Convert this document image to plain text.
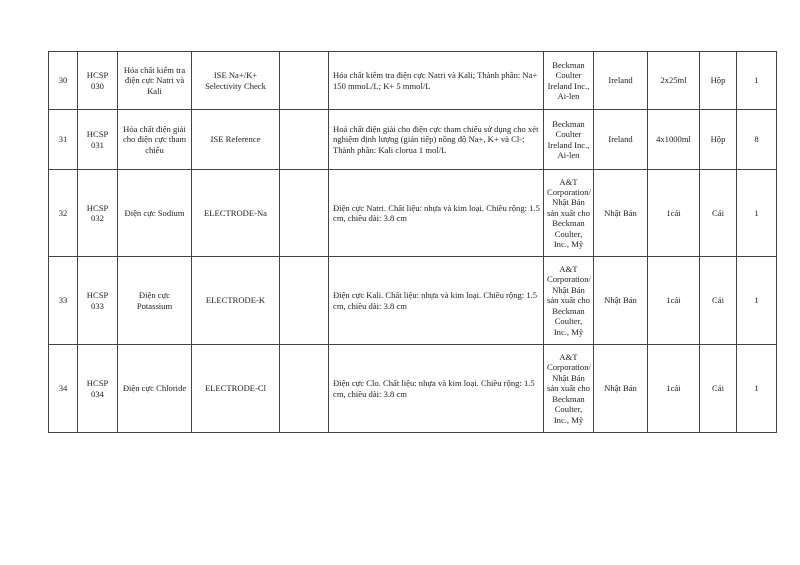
30	HCSP 030	Hóa chất kiểm tra điện cực Natri và Kali	ISE Na+/K+ Selectivity Check		Hóa chất kiểm tra điện cực Natri và Kali; Thành phần: Na+ 150 mmoL/L; K+ 5 mmol/L	Beckman Coulter Ireland Inc., Ai-len	Ireland	2x25ml	Hộp	1
31	HCSP 031	Hóa chất điện giải cho điện cực tham chiếu	ISE Reference		Hoá chất điện giải cho điện cực tham chiếu sử dụng cho xét nghiệm định lượng (gián tiếp) nồng độ Na+, K+ và Cl-; Thành phần: Kali clorua 1 mol/L	Beckman Coulter Ireland Inc., Ai-len	Ireland	4x1000ml	Hộp	8
32	HCSP 032	Điện cực Sodium	ELECTRODE-Na		Điện cực Natri. Chất liệu: nhựa và kim loại. Chiều rộng: 1.5 cm, chiều dài: 3.8 cm	A&T Corporation/ Nhật Bản sản xuất cho Beckman Coulter, Inc., Mỹ	Nhật Bản	1cái	Cái	1
33	HCSP 033	Điện cực Potassium	ELECTRODE-K		Điện cực Kali. Chất liệu: nhựa và kim loại. Chiều rộng: 1.5 cm, chiều dài: 3.8 cm	A&T Corporation/ Nhật Bản sản xuất cho Beckman Coulter, Inc., Mỹ	Nhật Bản	1cái	Cái	1
34	HCSP 034	Điện cực Chloride	ELECTRODE-Cl		Điện cực Clo. Chất liệu: nhựa và kim loại. Chiều rộng: 1.5 cm, chiều dài: 3.8 cm	A&T Corporation/ Nhật Bản sản xuất cho Beckman Coulter, Inc., Mỹ	Nhật Bản	1cái	Cái	1
